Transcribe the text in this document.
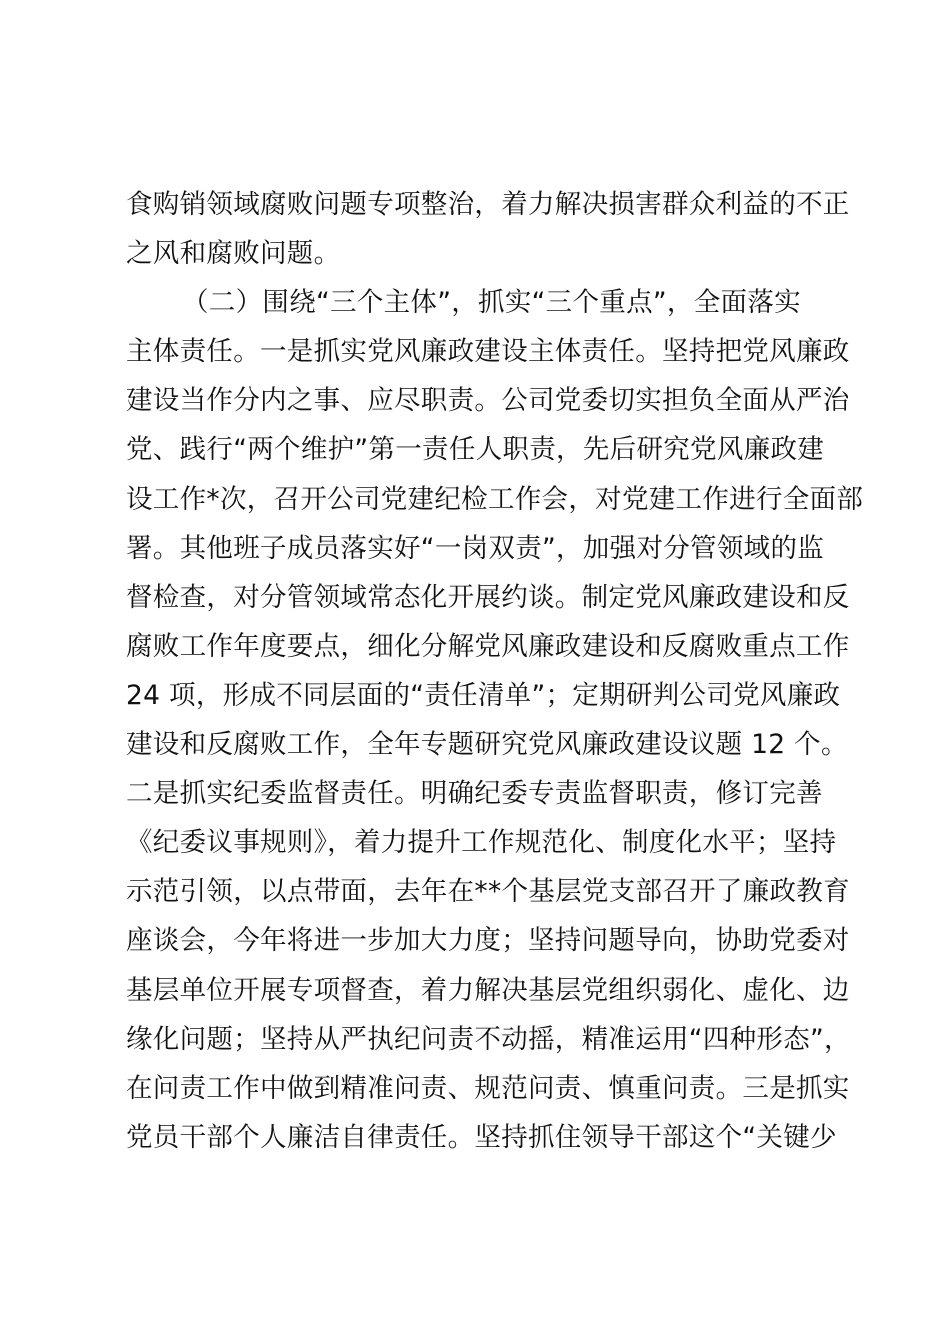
食购销领域腐败问题专项整治，着力解决损害群众利益的不正
之风和腐败问题。
（二）围绕“三个主体”，抓实“三个重点”，全面落实
主体责任。一是抓实党风廉政建设主体责任。坚持把党风廉政
建设当作分内之事、应尽职责。公司党委切实担负全面从严治
党、践行“两个维护”第一责任人职责，先后研究党风廉政建
设工作*次，召开公司党建纪检工作会，对党建工作进行全面部
署。其他班子成员落实好“一岗双责”，加强对分管领域的监
督检查，对分管领域常态化开展约谈。制定党风廉政建设和反
腐败工作年度要点，细化分解党风廉政建设和反腐败重点工作
24 项，形成不同层面的“责任清单”；定期研判公司党风廉政
建设和反腐败工作，全年专题研究党风廉政建设议题 12 个。
二是抓实纪委监督责任。明确纪委专责监督职责，修订完善
《纪委议事规则》，着力提升工作规范化、制度化水平；坚持
示范引领，以点带面，去年在**个基层党支部召开了廉政教育
座谈会，今年将进一步加大力度；坚持问题导向，协助党委对
基层单位开展专项督查，着力解决基层党组织弱化、虚化、边
缘化问题；坚持从严执纪问责不动摇，精准运用“四种形态”，
在问责工作中做到精准问责、规范问责、慎重问责。三是抓实
党员干部个人廉洁自律责任。坚持抓住领导干部这个“关键少
